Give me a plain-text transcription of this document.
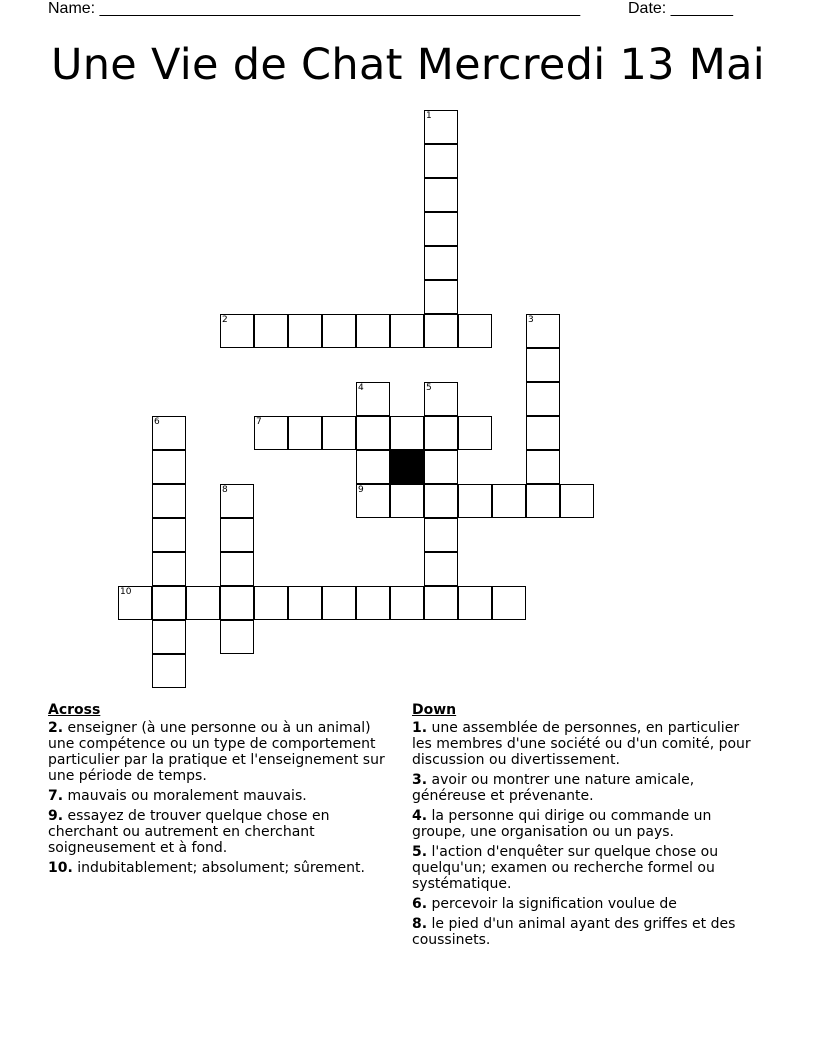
Name: ______________________________________________________	Date: _______
Une Vie de Chat Mercredi 13 Mai
1
2	3
4	5
6	7
8	9
10
Across
2. enseigner (à une personne ou à un animal) une compétence ou un type de comportement particulier par la pratique et l'enseignement sur une période de temps.
7. mauvais ou moralement mauvais.
9. essayez de trouver quelque chose en cherchant ou autrement en cherchant soigneusement et à fond.
10. indubitablement; absolument; sûrement.
Down
1. une assemblée de personnes, en particulier les membres d'une société ou d'un comité, pour discussion ou divertissement.
3. avoir ou montrer une nature amicale, généreuse et prévenante.
4. la personne qui dirige ou commande un groupe, une organisation ou un pays.
5. l'action d'enquêter sur quelque chose ou quelqu'un; examen ou recherche formel ou systématique.
6. percevoir la signification voulue de
8. le pied d'un animal ayant des griffes et des coussinets.
